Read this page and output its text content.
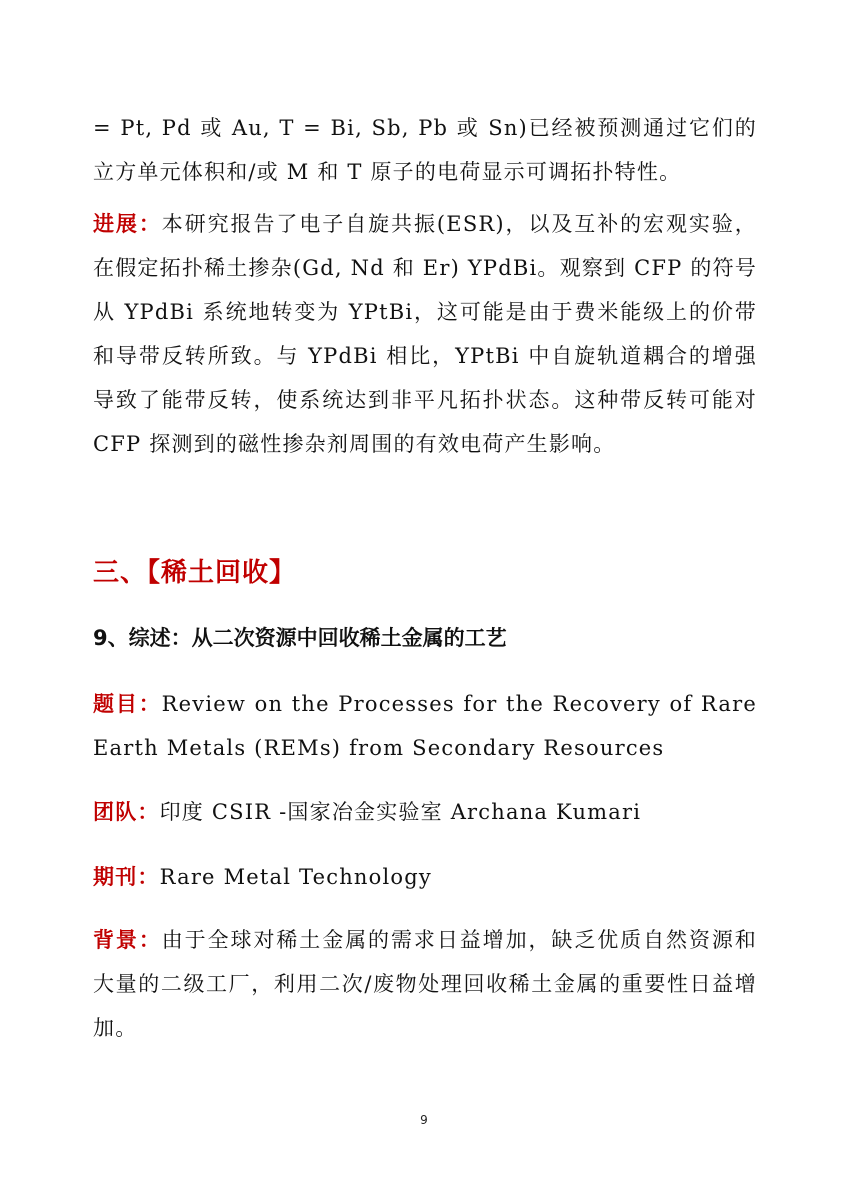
= Pt, Pd 或 Au, T = Bi, Sb, Pb 或 Sn)已经被预测通过它们的立方单元体积和/或 M 和 T 原子的电荷显示可调拓扑特性。

进展：本研究报告了电子自旋共振(ESR)，以及互补的宏观实验，在假定拓扑稀土掺杂(Gd, Nd 和 Er) YPdBi。观察到 CFP 的符号从 YPdBi 系统地转变为 YPtBi，这可能是由于费米能级上的价带和导带反转所致。与 YPdBi 相比，YPtBi 中自旋轨道耦合的增强导致了能带反转，使系统达到非平凡拓扑状态。这种带反转可能对 CFP 探测到的磁性掺杂剂周围的有效电荷产生影响。

三、【稀土回收】
9、综述：从二次资源中回收稀土金属的工艺

题目：Review on the Processes for the Recovery of Rare Earth Metals (REMs) from Secondary Resources

团队：印度 CSIR -国家冶金实验室 Archana Kumari

期刊：Rare Metal Technology

背景：由于全球对稀土金属的需求日益增加，缺乏优质自然资源和大量的二级工厂，利用二次/废物处理回收稀土金属的重要性日益增加。

9
